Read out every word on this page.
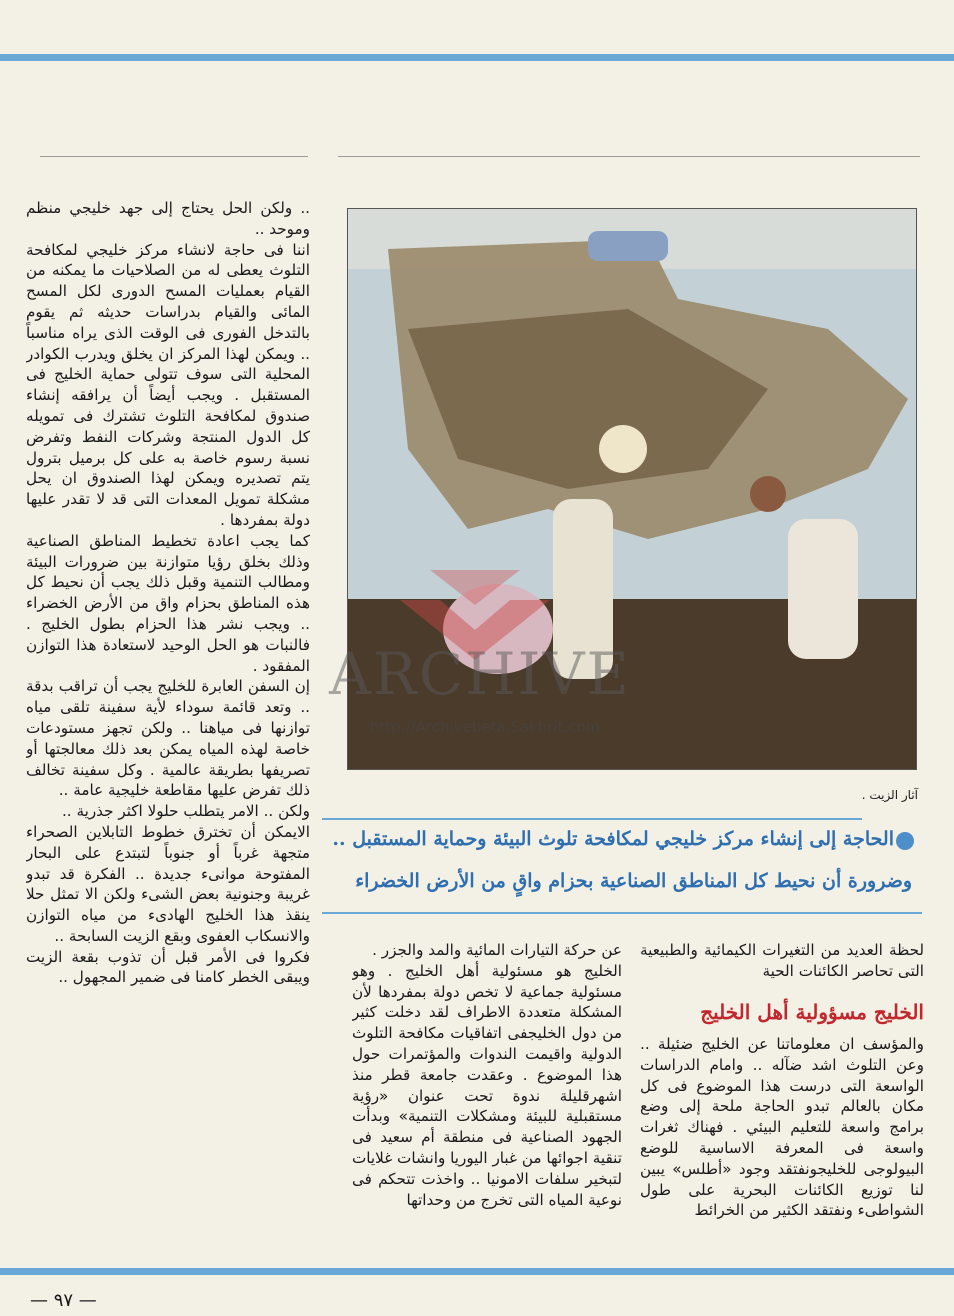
.. ولكن الحل يحتاج إلى جهد خليجي منظم وموحد ..

اننا فى حاجة لانشاء مركز خليجي لمكافحة التلوث يعطى له من الصلاحيات ما يمكنه من القيام بعمليات المسح الدورى لكل المسح المائى والقيام بدراسات حديثه ثم يقوم بالتدخل الفورى فى الوقت الذى يراه مناسباً .. ويمكن لهذا المركز ان يخلق ويدرب الكوادر المحلية التى سوف تتولى حماية الخليج فى المستقبل . ويجب أيضاً أن يرافقه إنشاء صندوق لمكافحة التلوث تشترك فى تمويله كل الدول المنتجة وشركات النفط وتفرض نسبة رسوم خاصة به على كل برميل بترول يتم تصديره ويمكن لهذا الصندوق ان يحل مشكلة تمويل المعدات التى قد لا تقدر عليها دولة بمفردها .

كما يجب اعادة تخطيط المناطق الصناعية وذلك بخلق رؤيا متوازنة بين ضرورات البيئة ومطالب التنمية وقبل ذلك يجب أن نحيط كل هذه المناطق بحزام واق من الأرض الخضراء .. ويجب نشر هذا الحزام بطول الخليج . فالنبات هو الحل الوحيد لاستعادة هذا التوازن المفقود .

إن السفن العابرة للخليج يجب أن تراقب بدقة .. وتعد قائمة سوداء لأية سفينة تلقى مياه توازنها فى مياهنا .. ولكن تجهز مستودعات خاصة لهذه المياه يمكن بعد ذلك معالجتها أو تصريفها بطريقة عالمية . وكل سفينة تخالف ذلك تفرض عليها مقاطعة خليجية عامة ..

ولكن .. الامر يتطلب حلولا اكثر جذرية ..

الايمكن أن تخترق خطوط التابلاين الصحراء متجهة غرباً أو جنوباً لتبتدع على البحار المفتوحة موانىء جديدة .. الفكرة قد تبدو غريبة وجنونية بعض الشىء ولكن الا تمثل حلا ينقذ هذا الخليج الهادىء من مياه التوازن والانسكاب العفوى وبقع الزيت السابحة ..

فكروا فى الأمر قبل أن تذوب بقعة الزيت ويبقى الخطر كامنا فى ضمير المجهول ..

آثار الزيت .
ARCHIVE
http://Archivebeta.Sakhrit.com
الحاجة إلى إنشاء مركز خليجي لمكافحة تلوث البيئة وحماية المستقبل ..
وضرورة أن نحيط كل المناطق الصناعية بحزام واقٍ من الأرض الخضراء

عن حركة التيارات المائية والمد والجزر .

الخليج هو مسئولية أهل الخليج . وهو مسئولية جماعية لا تخص دولة بمفردها لأن المشكلة متعددة الاطراف لقد دخلت كثير من دول الخليجفى اتفاقيات مكافحة التلوث الدولية واقيمت الندوات والمؤتمرات حول هذا الموضوع . وعقدت جامعة قطر منذ اشهرقليلة ندوة تحت عنوان «رؤية مستقبلية للبيئة ومشكلات التنمية» وبدأت الجهود الصناعية فى منطقة أم سعيد فى تنقية اجوائها من غبار اليوريا وانشات غلايات لتبخير سلفات الامونيا .. واخذت تتحكم فى نوعية المياه التى تخرج من وحداتها

لحظة العديد من التغيرات الكيمائية والطبيعية التى تحاصر الكائنات الحية

الخليج مسؤولية أهل الخليج

والمؤسف ان معلوماتنا عن الخليج ضئيلة .. وعن التلوث اشد ضآله .. وامام الدراسات الواسعة التى درست هذا الموضوع فى كل مكان بالعالم تبدو الحاجة ملحة إلى وضع برامج واسعة للتعليم البيئي . فهناك ثغرات واسعة فى المعرفة الاساسية للوضع البيولوجى للخليجونفتقد وجود «أطلس» يبين لنا توزيع الكائنات البحرية على طول الشواطىء ونفتقد الكثير من الخرائط

— ٩٧ —
